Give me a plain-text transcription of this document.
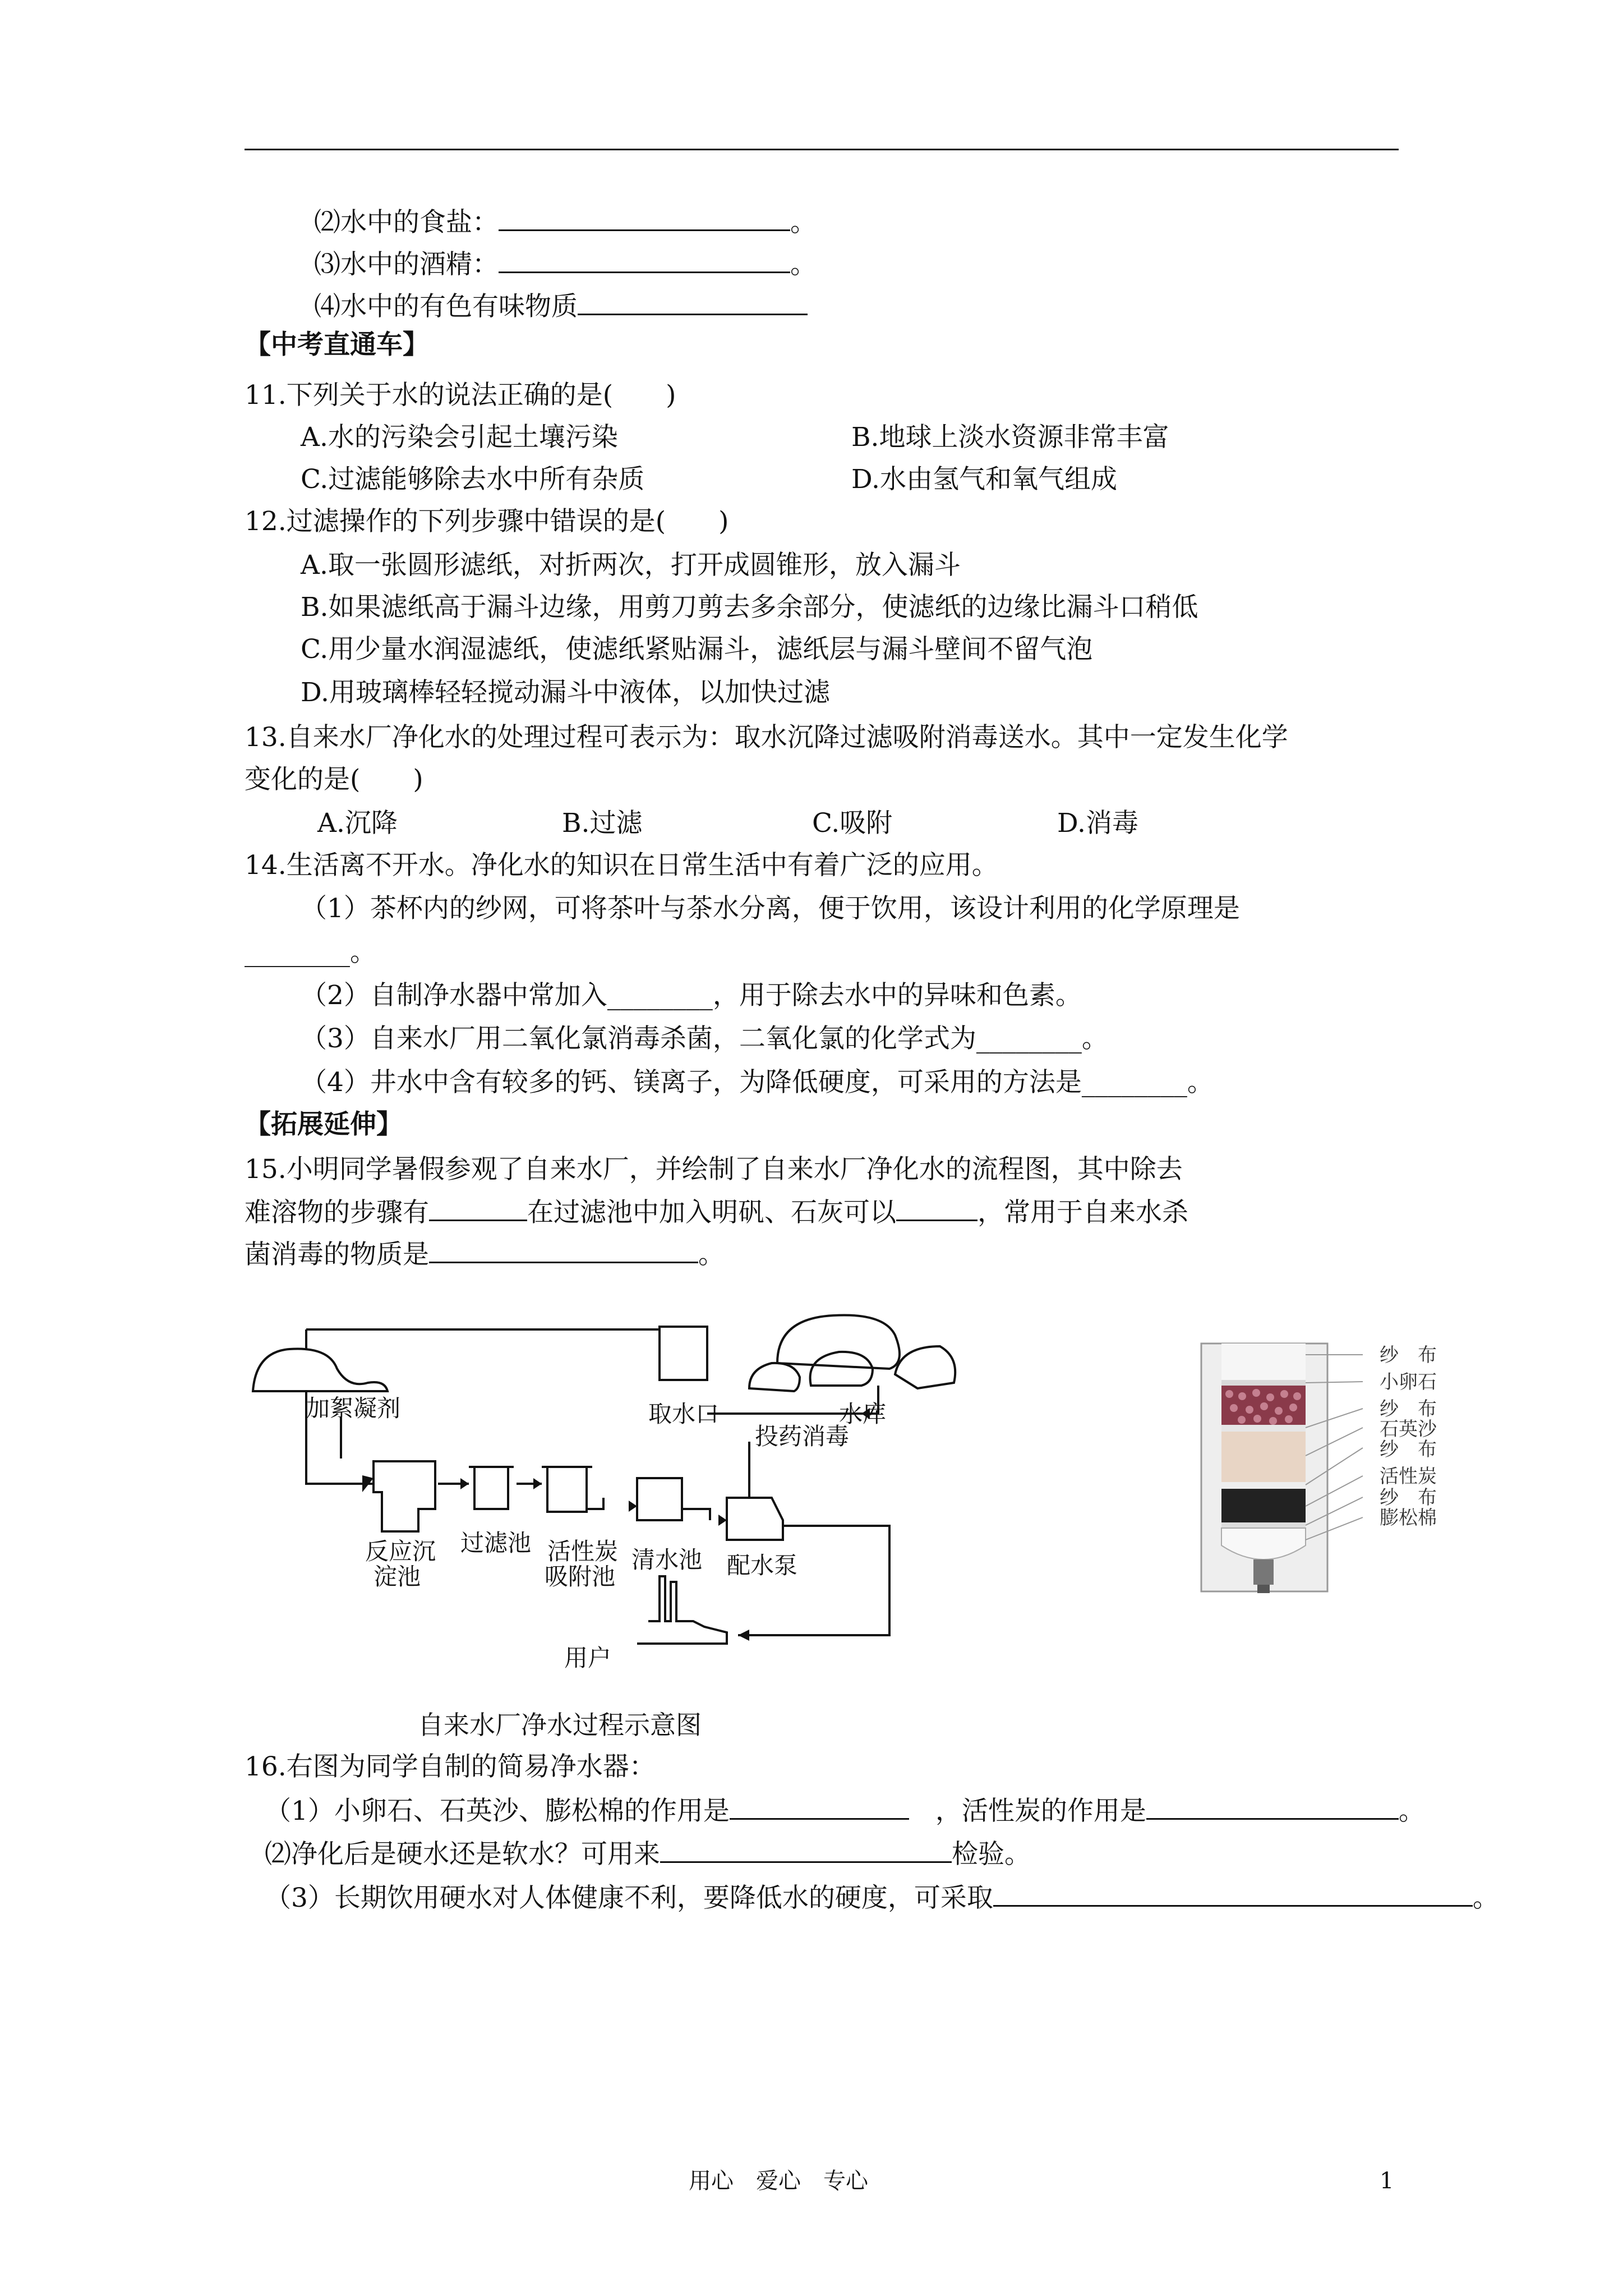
⑵水中的食盐：	。
⑶水中的酒精：	。
⑷水中的有色有味物质
【中考直通车】
11.下列关于水的说法正确的是(　　)
A.水的污染会引起土壤污染	B.地球上淡水资源非常丰富
C.过滤能够除去水中所有杂质	D.水由氢气和氧气组成
12.过滤操作的下列步骤中错误的是(　　)
A.取一张圆形滤纸，对折两次，打开成圆锥形，放入漏斗
B.如果滤纸高于漏斗边缘，用剪刀剪去多余部分，使滤纸的边缘比漏斗口稍低
C.用少量水润湿滤纸，使滤纸紧贴漏斗，滤纸层与漏斗壁间不留气泡
D.用玻璃棒轻轻搅动漏斗中液体，以加快过滤
13.自来水厂净化水的处理过程可表示为：取水沉降过滤吸附消毒送水。其中一定发生化学
变化的是(　　)
A.沉降	B.过滤	C.吸附	D.消毒
14.生活离不开水。净化水的知识在日常生活中有着广泛的应用。
（1）茶杯内的纱网，可将茶叶与茶水分离，便于饮用，该设计利用的化学原理是
________。
（2）自制净水器中常加入________，用于除去水中的异味和色素。
（3）自来水厂用二氧化氯消毒杀菌，二氧化氯的化学式为________。
（4）井水中含有较多的钙、镁离子，为降低硬度，可采用的方法是________。
【拓展延伸】
15.小明同学暑假参观了自来水厂，并绘制了自来水厂净化水的流程图，其中除去
难溶物的步骤有	在过滤池中加入明矾、石灰可以	，常用于自来水杀
菌消毒的物质是	。
加絮凝剂	取水口	水库
投药消毒
反应沉
淀池
过滤池 活性炭
吸附池
清水池 配水泵
用户
纱　布
小卵石
纱　布
石英沙
纱　布
活性炭
纱　布
膨松棉
自来水厂净水过程示意图
16.右图为同学自制的简易净水器：
（1）小卵石、石英沙、膨松棉的作用是　	，活性炭的作用是	。
⑵净化后是硬水还是软水？可用来	检验。
（3）长期饮用硬水对人体健康不利，要降低水的硬度，可采取	。
用心　爱心　专心	1
